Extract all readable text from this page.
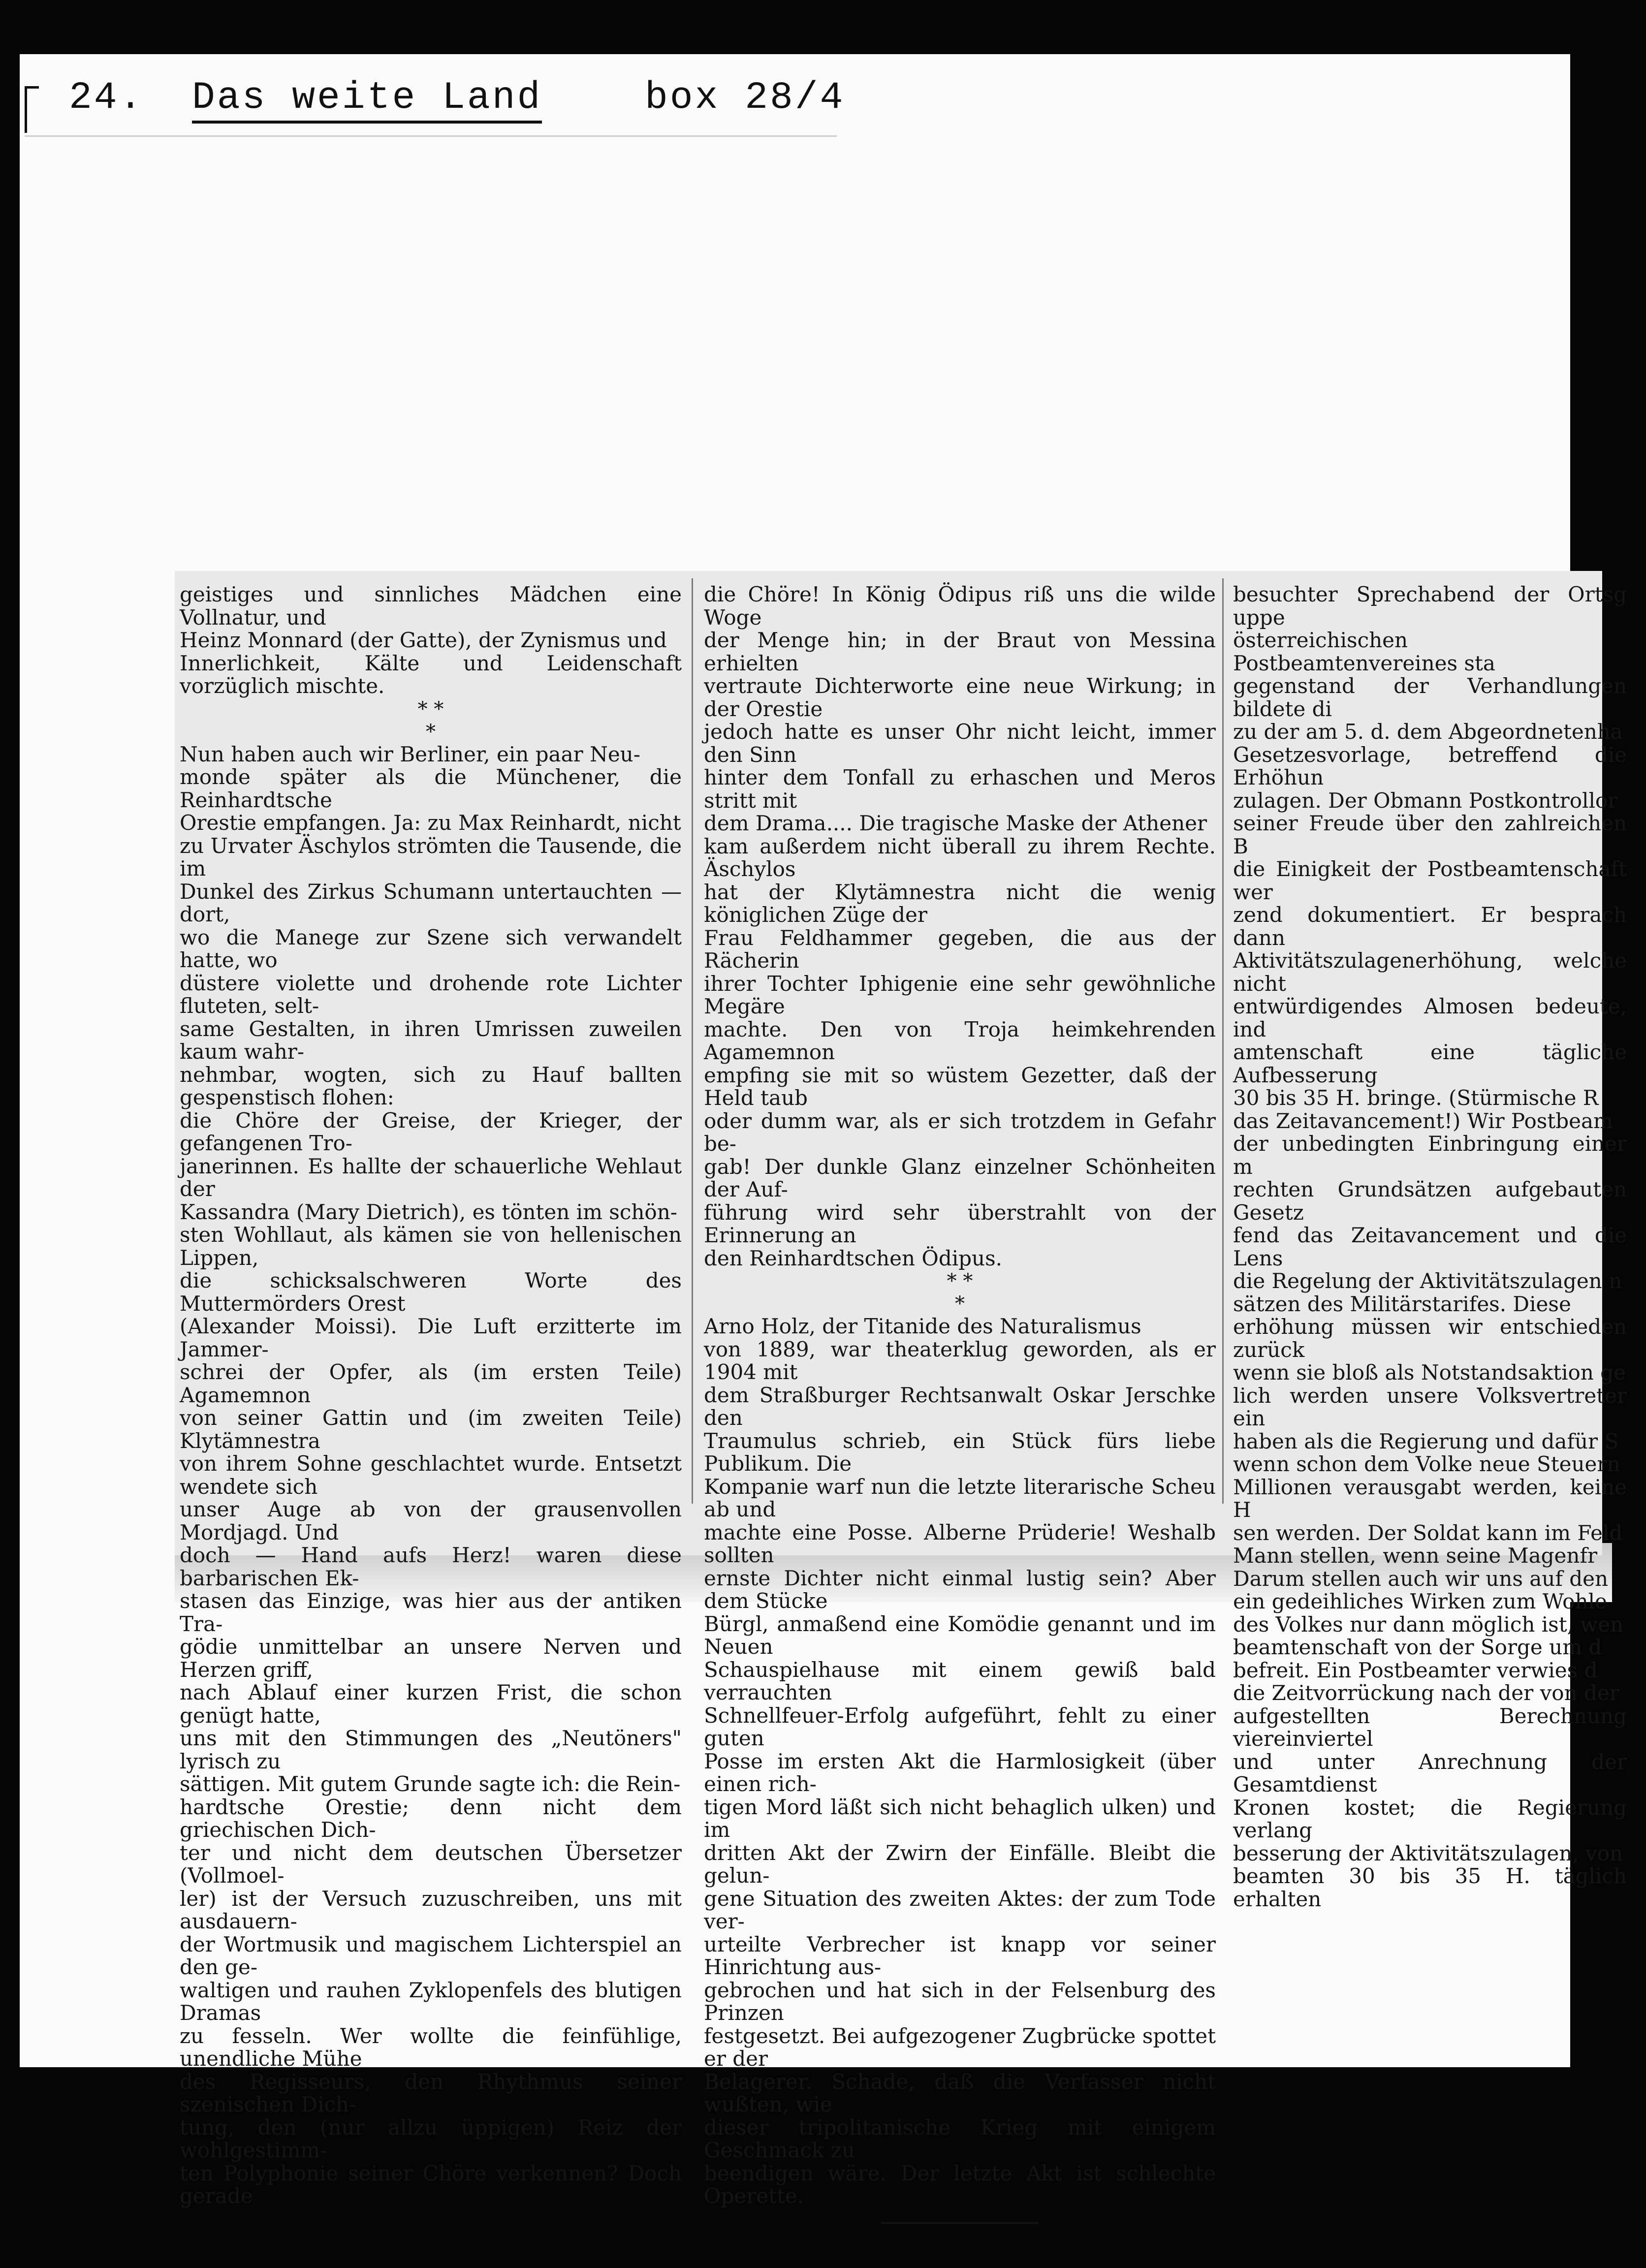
24. Das weite Land	box 28/4

geistiges und sinnliches Mädchen eine Vollnatur, und
Heinz Monnard (der Gatte), der Zynismus und
Innerlichkeit, Kälte und Leidenschaft vorzüglich mischte.

* *
*

Nun haben auch wir Berliner, ein paar Neu-
monde später als die Münchener, die Reinhardtsche
Orestie empfangen. Ja: zu Max Reinhardt, nicht
zu Urvater Äschylos strömten die Tausende, die im
Dunkel des Zirkus Schumann untertauchten — dort,
wo die Manege zur Szene sich verwandelt hatte, wo
düstere violette und drohende rote Lichter fluteten, selt-
same Gestalten, in ihren Umrissen zuweilen kaum wahr-
nehmbar, wogten, sich zu Hauf ballten gespenstisch flohen:
die Chöre der Greise, der Krieger, der gefangenen Tro-
janerinnen. Es hallte der schauerliche Wehlaut der
Kassandra (Mary Dietrich), es tönten im schön-
sten Wohllaut, als kämen sie von hellenischen Lippen,
die schicksalschweren Worte des Muttermörders Orest
(Alexander Moissi). Die Luft erzitterte im Jammer-
schrei der Opfer, als (im ersten Teile) Agamemnon
von seiner Gattin und (im zweiten Teile) Klytämnestra
von ihrem Sohne geschlachtet wurde. Entsetzt wendete sich
unser Auge ab von der grausenvollen Mordjagd. Und
doch — Hand aufs Herz! waren diese barbarischen Ek-
stasen das Einzige, was hier aus der antiken Tra-
gödie unmittelbar an unsere Nerven und Herzen griff,
nach Ablauf einer kurzen Frist, die schon genügt hatte,
uns mit den Stimmungen des „Neutöners" lyrisch zu
sättigen. Mit gutem Grunde sagte ich: die Rein-
hardtsche Orestie; denn nicht dem griechischen Dich-
ter und nicht dem deutschen Übersetzer (Vollmoel-
ler) ist der Versuch zuzuschreiben, uns mit ausdauern-
der Wortmusik und magischem Lichterspiel an den ge-
waltigen und rauhen Zyklopenfels des blutigen Dramas
zu fesseln. Wer wollte die feinfühlige, unendliche Mühe
des Regisseurs, den Rhythmus seiner szenischen Dich-
tung, den (nur allzu üppigen) Reiz der wohlgestimm-
ten Polyphonie seiner Chöre verkennen? Doch gerade

die Chöre! In König Ödipus riß uns die wilde Woge
der Menge hin; in der Braut von Messina erhielten
vertraute Dichterworte eine neue Wirkung; in der Orestie
jedoch hatte es unser Ohr nicht leicht, immer den Sinn
hinter dem Tonfall zu erhaschen und Meros stritt mit
dem Drama.... Die tragische Maske der Athener
kam außerdem nicht überall zu ihrem Rechte. Äschylos
hat der Klytämnestra nicht die wenig königlichen Züge der
Frau Feldhammer gegeben, die aus der Rächerin
ihrer Tochter Iphigenie eine sehr gewöhnliche Megäre
machte. Den von Troja heimkehrenden Agamemnon
empfing sie mit so wüstem Gezetter, daß der Held taub
oder dumm war, als er sich trotzdem in Gefahr be-
gab! Der dunkle Glanz einzelner Schönheiten der Auf-
führung wird sehr überstrahlt von der Erinnerung an
den Reinhardtschen Ödipus.

* *
*

Arno Holz, der Titanide des Naturalismus
von 1889, war theaterklug geworden, als er 1904 mit
dem Straßburger Rechtsanwalt Oskar Jerschke den
Traumulus schrieb, ein Stück fürs liebe Publikum. Die
Kompanie warf nun die letzte literarische Scheu ab und
machte eine Posse. Alberne Prüderie! Weshalb sollten
ernste Dichter nicht einmal lustig sein? Aber dem Stücke
Bürgl, anmaßend eine Komödie genannt und im Neuen
Schauspielhause mit einem gewiß bald verrauchten
Schnellfeuer-Erfolg aufgeführt, fehlt zu einer guten
Posse im ersten Akt die Harmlosigkeit (über einen rich-
tigen Mord läßt sich nicht behaglich ulken) und im
dritten Akt der Zwirn der Einfälle. Bleibt die gelun-
gene Situation des zweiten Aktes: der zum Tode ver-
urteilte Verbrecher ist knapp vor seiner Hinrichtung aus-
gebrochen und hat sich in der Felsenburg des Prinzen
festgesetzt. Bei aufgezogener Zugbrücke spottet er der
Belagerer. Schade, daß die Verfasser nicht wußten, wie
dieser tripolitanische Krieg mit einigem Geschmack zu
beendigen wäre. Der letzte Akt ist schlechte Operette.

besuchter Sprechabend der Ortsg uppe
österreichischen Postbeamtenvereines sta
gegenstand der Verhandlungen bildete di
zu der am 5. d. dem Abgeordnetenha
Gesetzesvorlage, betreffend die Erhöhun
zulagen. Der Obmann Postkontrollor
seiner Freude über den zahlreichen B
die Einigkeit der Postbeamtenschaft wer
zend dokumentiert. Er besprach dann
Aktivitätszulagenerhöhung, welche nicht
entwürdigendes Almosen bedeute, ind
amtenschaft eine tägliche Aufbesserung
30 bis 35 H. bringe. (Stürmische R
das Zeitavancement!) Wir Postbeam
der unbedingten Einbringung einer m
rechten Grundsätzen aufgebauten Gesetz
fend das Zeitavancement und die Lens
die Regelung der Aktivitätszulagen n
sätzen des Militärstarifes. Diese
erhöhung müssen wir entschieden zurück
wenn sie bloß als Notstandsaktion ge
lich werden unsere Volksvertreter ein
haben als die Regierung und dafür S
wenn schon dem Volke neue Steuern
Millionen verausgabt werden, keine H
sen werden. Der Soldat kann im Feld
Mann stellen, wenn seine Magenfr
Darum stellen auch wir uns auf den
ein gedeihliches Wirken zum Wohle
des Volkes nur dann möglich ist, wen
beamtenschaft von der Sorge um d
befreit. Ein Postbeamter verwies d
die Zeitvorrückung nach der von der
aufgestellten Berechnung viereinviertel
und unter Anrechnung der Gesamtdienst
Kronen kostet; die Regierung verlang
besserung der Aktivitätszulagen, von
beamten 30 bis 35 H. täglich erhalten
